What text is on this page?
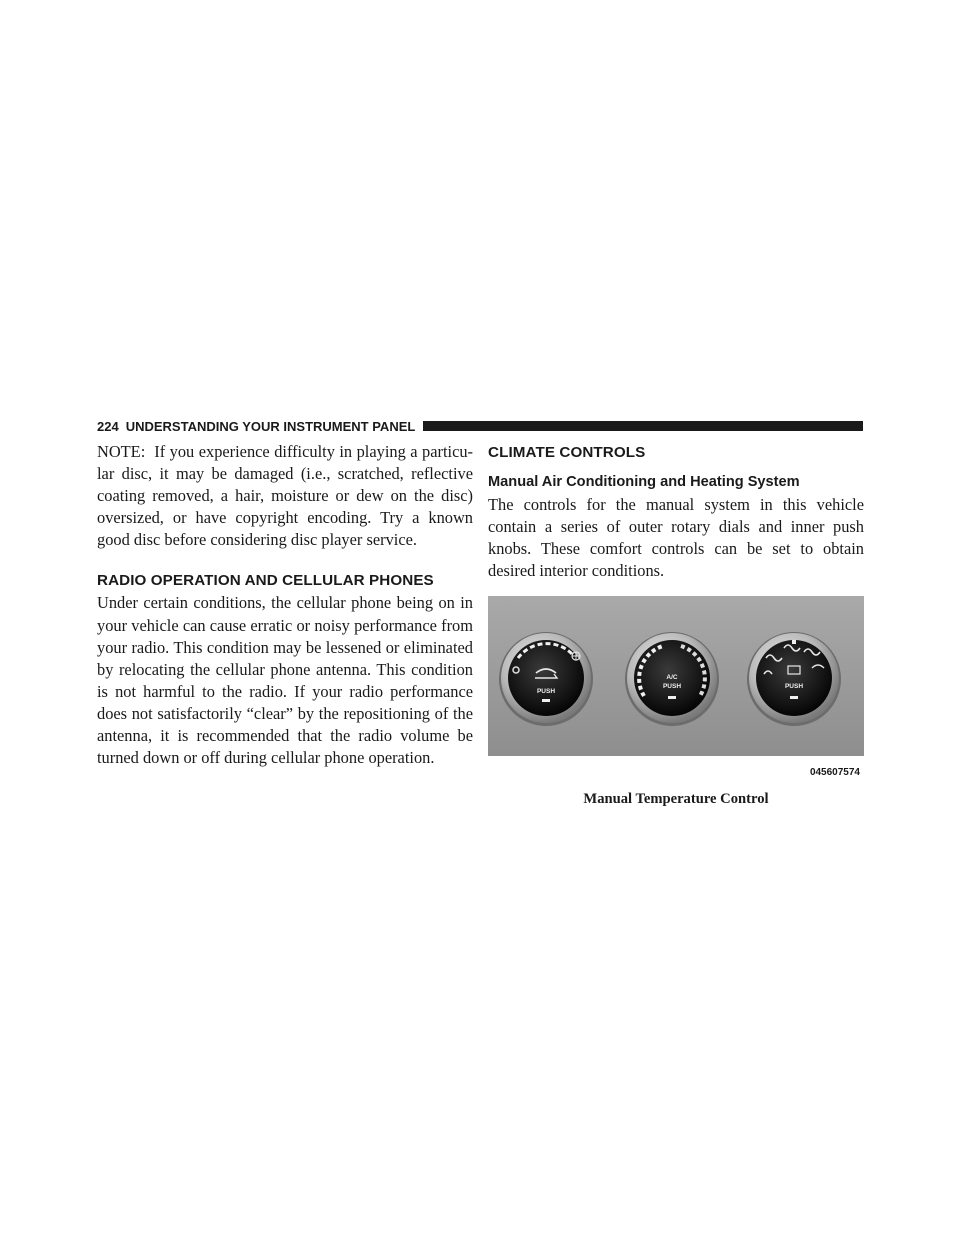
224 UNDERSTANDING YOUR INSTRUMENT PANEL

NOTE: If you experience difficulty in playing a particu- lar disc, it may be damaged (i.e., scratched, reflective coating removed, a hair, moisture or dew on the disc) oversized, or have copyright encoding. Try a known good disc before considering disc player service.

RADIO OPERATION AND CELLULAR PHONES

Under certain conditions, the cellular phone being on in your vehicle can cause erratic or noisy performance from your radio. This condition may be lessened or eliminated by relocating the cellular phone antenna. This condition is not harmful to the radio. If your radio performance does not satisfactorily “clear” by the repositioning of the antenna, it is recommended that the radio volume be turned down or off during cellular phone operation.

CLIMATE CONTROLS
Manual Air Conditioning and Heating System

The controls for the manual system in this vehicle contain a series of outer rotary dials and inner push knobs. These comfort controls can be set to obtain desired interior conditions.

PUSH
A/C
PUSH	PUSH
045607574
Manual Temperature Control
